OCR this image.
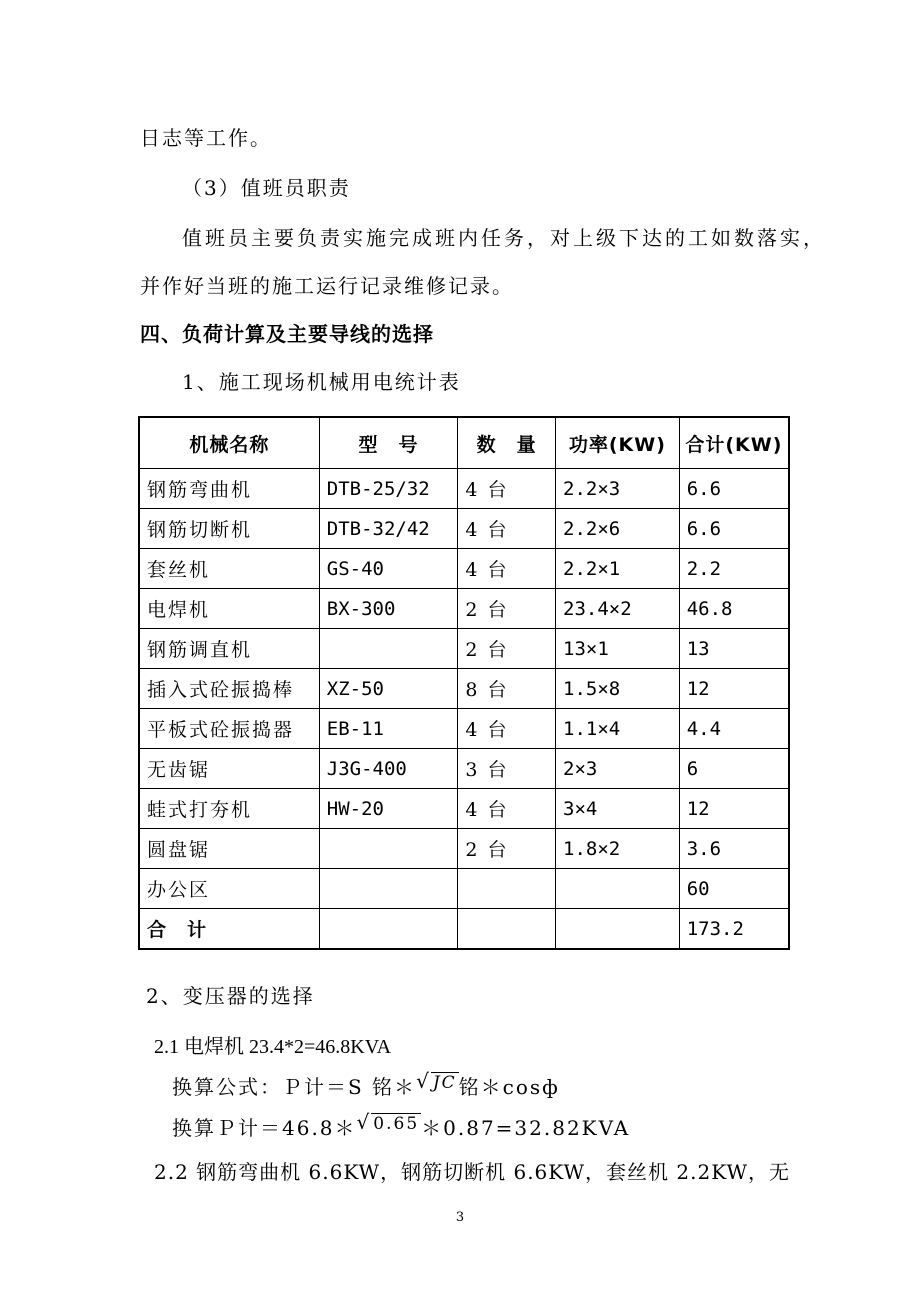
日志等工作。
（3）值班员职责
值班员主要负责实施完成班内任务，对上级下达的工如数落实，
并作好当班的施工运行记录维修记录。
四、负荷计算及主要导线的选择
1、施工现场机械用电统计表
机械名称	型　号	数　量	功率(KW)	合计(KW)
钢筋弯曲机	DTB-25/32	4 台	2.2×3	6.6
钢筋切断机	DTB-32/42	4 台	2.2×6	6.6
套丝机	GS-40	4 台	2.2×1	2.2
电焊机	BX-300	2 台	23.4×2	46.8
钢筋调直机		2 台	13×1	13
插入式砼振捣棒	XZ-50	8 台	1.5×8	12
平板式砼振捣器	EB-11	4 台	1.1×4	4.4
无齿锯	J3G-400	3 台	2×3	6
蛙式打夯机	HW-20	4 台	3×4	12
圆盘锯		2 台	1.8×2	3.6
办公区				60
合　计				173.2
2、变压器的选择
2.1 电焊机 23.4*2=46.8KVA
换算公式：Ｐ计＝S 铭＊√ JC 铭＊cosф
换算Ｐ计＝46.8＊√ 0.65 ＊0.87=32.82KVA
2.2 钢筋弯曲机 6.6KW，钢筋切断机 6.6KW，套丝机 2.2KW，无
3
